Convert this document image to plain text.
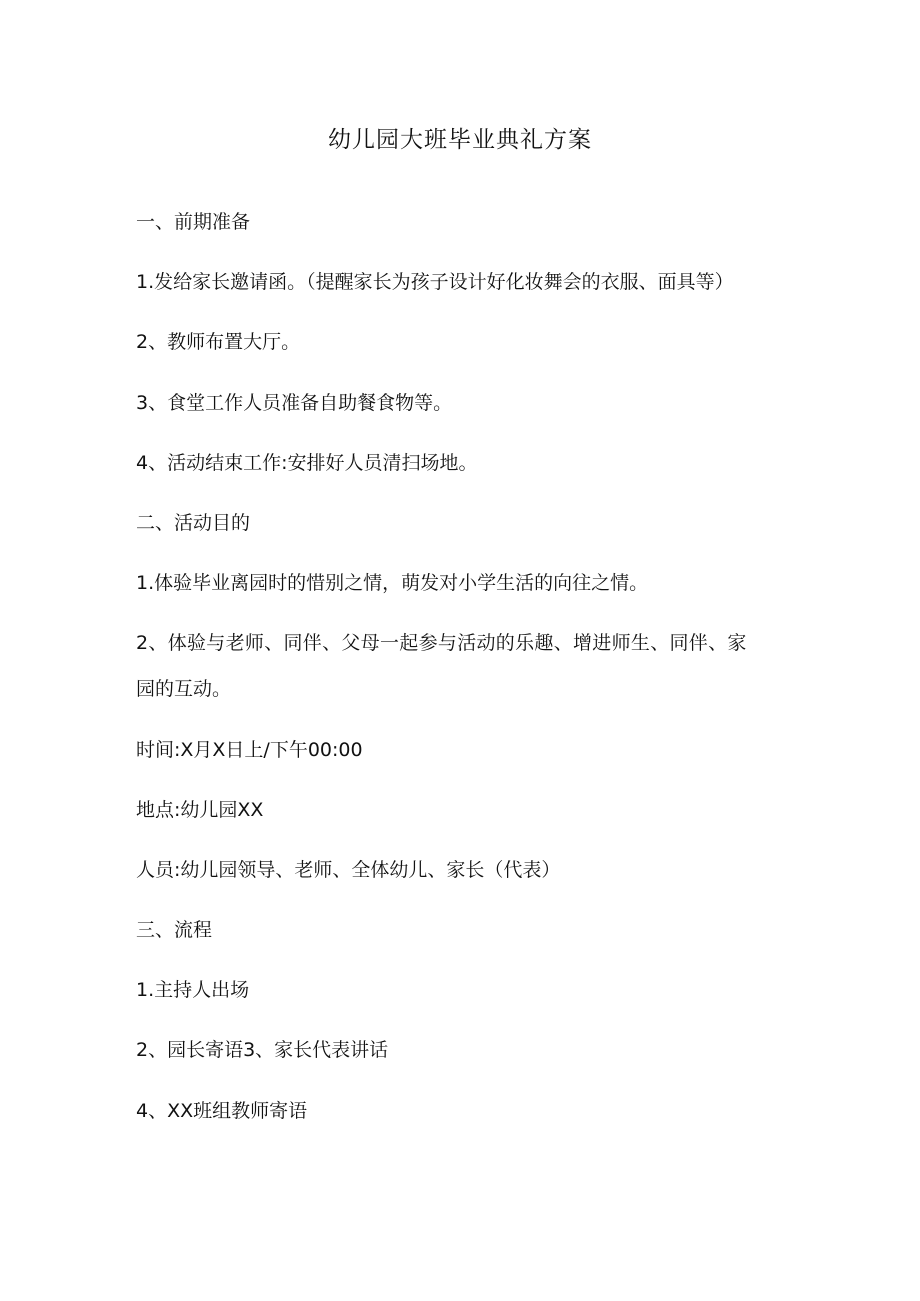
幼儿园大班毕业典礼方案

一、前期准备

1.发给家长邀请函。（提醒家长为孩子设计好化妆舞会的衣服、面具等）

2、教师布置大厅。

3、食堂工作人员准备自助餐食物等。

4、活动结束工作:安排好人员清扫场地。

二、活动目的

1.体验毕业离园时的惜别之情，萌发对小学生活的向往之情。

2、体验与老师、同伴、父母一起参与活动的乐趣、增进师生、同伴、家

园的互动。

时间:X月X日上/下午00:00

地点:幼儿园XX

人员:幼儿园领导、老师、全体幼儿、家长（代表）

三、流程

1.主持人出场

2、园长寄语3、家长代表讲话

4、XX班组教师寄语
